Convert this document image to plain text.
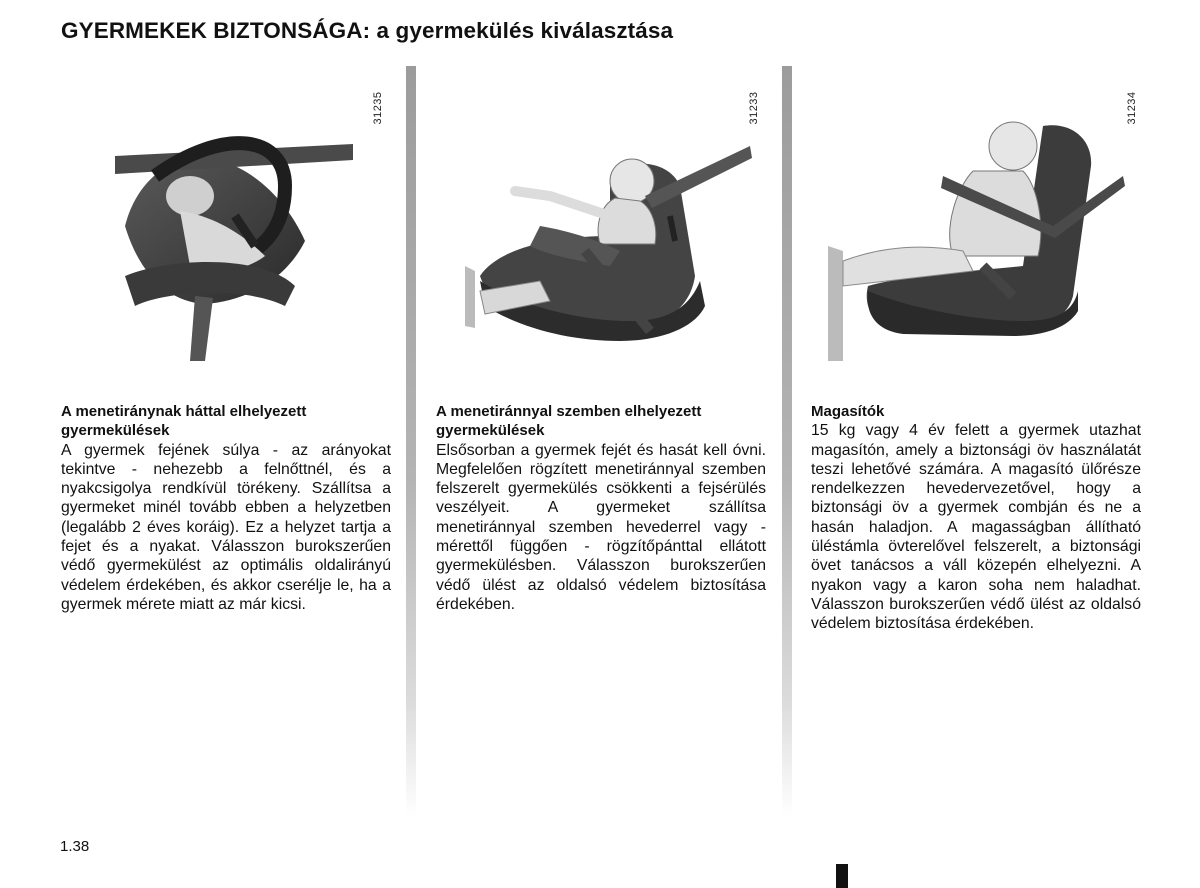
GYERMEKEK BIZTONSÁGA: a gyermekülés kiválasztása
31235
A menetiránynak háttal elhelyezett gyermekülések

A gyermek fejének súlya - az arányokat tekintve - nehezebb a felnőttnél, és a nyakcsigolya rendkívül törékeny. Szállítsa a gyermeket minél tovább ebben a helyzetben (legalább 2 éves koráig). Ez a helyzet tartja a fejet és a nyakat. Válasszon burokszerűen védő gyermekülést az optimális oldalirányú védelem érdekében, és akkor cserélje le, ha a gyermek mérete miatt az már kicsi.

31233
A menetiránnyal szemben elhelyezett gyermekülések

Elsősorban a gyermek fejét és hasát kell óvni. Megfelelően rögzített menetiránnyal szemben felszerelt gyermekülés csökkenti a fejsérülés veszélyeit. A gyermeket szállítsa menetiránnyal szemben hevederrel vagy - mérettől függően - rögzítőpánttal ellátott gyermekülésben. Válasszon burokszerűen védő ülést az oldalsó védelem biztosítása érdekében.

31234
Magasítók

15 kg vagy 4 év felett a gyermek utazhat magasítón, amely a biztonsági öv használatát teszi lehetővé számára. A magasító ülőrésze rendelkezzen hevedervezetővel, hogy a biztonsági öv a gyermek combján és ne a hasán haladjon. A magasságban állítható üléstámla övterelővel felszerelt, a biztonsági övet tanácsos a váll közepén elhelyezni. A nyakon vagy a karon soha nem haladhat. Válasszon burokszerűen védő ülést az oldalsó védelem biztosítása érdekében.

1.38
